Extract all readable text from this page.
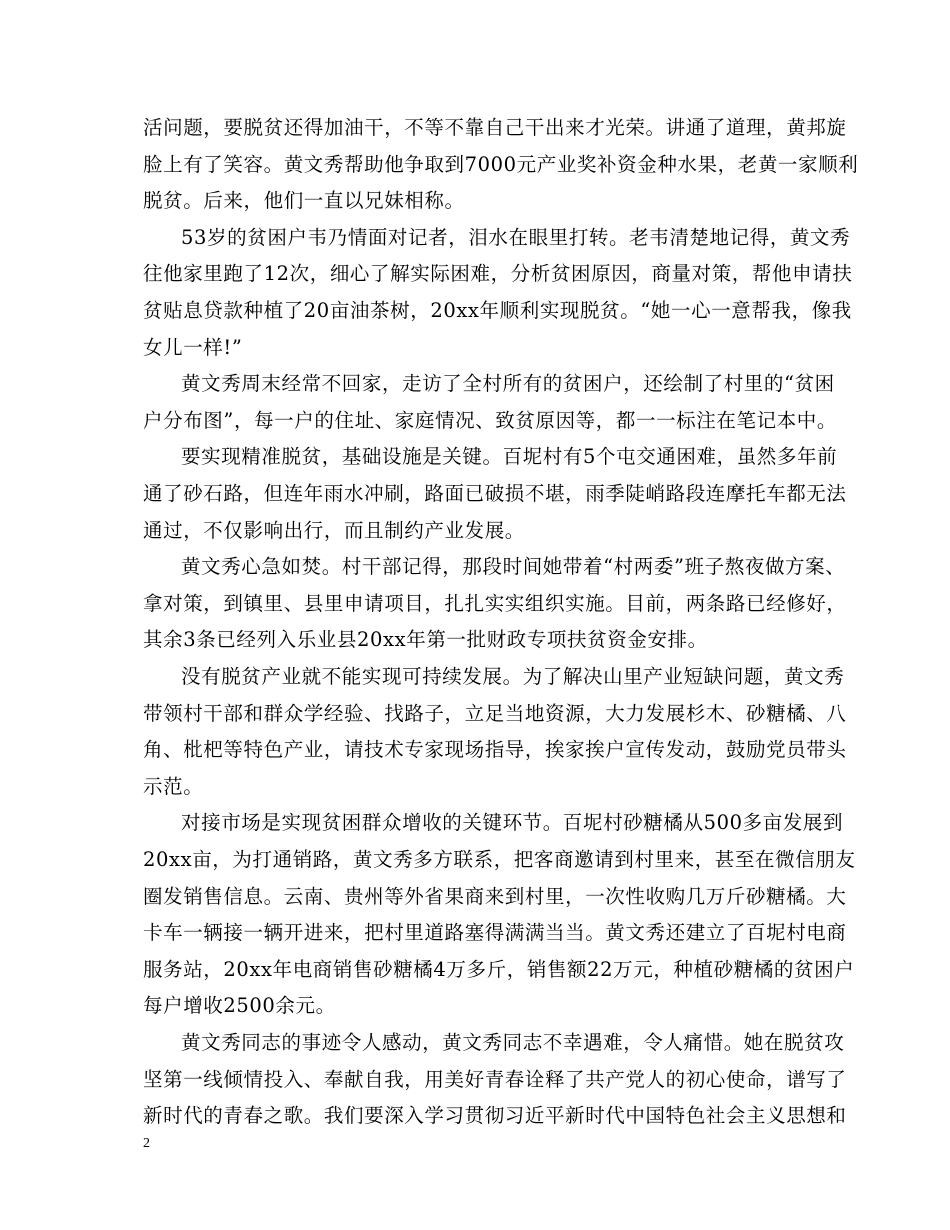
活问题，要脱贫还得加油干，不等不靠自己干出来才光荣。讲通了道理，黄邦旋
脸上有了笑容。黄文秀帮助他争取到7000元产业奖补资金种水果，老黄一家顺利
脱贫。后来，他们一直以兄妹相称。
53岁的贫困户韦乃情面对记者，泪水在眼里打转。老韦清楚地记得，黄文秀
往他家里跑了12次，细心了解实际困难，分析贫困原因，商量对策，帮他申请扶
贫贴息贷款种植了20亩油茶树，20xx年顺利实现脱贫。“她一心一意帮我，像我
女儿一样!”
黄文秀周末经常不回家，走访了全村所有的贫困户，还绘制了村里的“贫困
户分布图”，每一户的住址、家庭情况、致贫原因等，都一一标注在笔记本中。
要实现精准脱贫，基础设施是关键。百坭村有5个屯交通困难，虽然多年前
通了砂石路，但连年雨水冲刷，路面已破损不堪，雨季陡峭路段连摩托车都无法
通过，不仅影响出行，而且制约产业发展。
黄文秀心急如焚。村干部记得，那段时间她带着“村两委”班子熬夜做方案、
拿对策，到镇里、县里申请项目，扎扎实实组织实施。目前，两条路已经修好，
其余3条已经列入乐业县20xx年第一批财政专项扶贫资金安排。
没有脱贫产业就不能实现可持续发展。为了解决山里产业短缺问题，黄文秀
带领村干部和群众学经验、找路子，立足当地资源，大力发展杉木、砂糖橘、八
角、枇杷等特色产业，请技术专家现场指导，挨家挨户宣传发动，鼓励党员带头
示范。
对接市场是实现贫困群众增收的关键环节。百坭村砂糖橘从500多亩发展到
20xx亩，为打通销路，黄文秀多方联系，把客商邀请到村里来，甚至在微信朋友
圈发销售信息。云南、贵州等外省果商来到村里，一次性收购几万斤砂糖橘。大
卡车一辆接一辆开进来，把村里道路塞得满满当当。黄文秀还建立了百坭村电商
服务站，20xx年电商销售砂糖橘4万多斤，销售额22万元，种植砂糖橘的贫困户
每户增收2500余元。
黄文秀同志的事迹令人感动，黄文秀同志不幸遇难，令人痛惜。她在脱贫攻
坚第一线倾情投入、奉献自我，用美好青春诠释了共产党人的初心使命，谱写了
新时代的青春之歌。我们要深入学习贯彻习近平新时代中国特色社会主义思想和
2
